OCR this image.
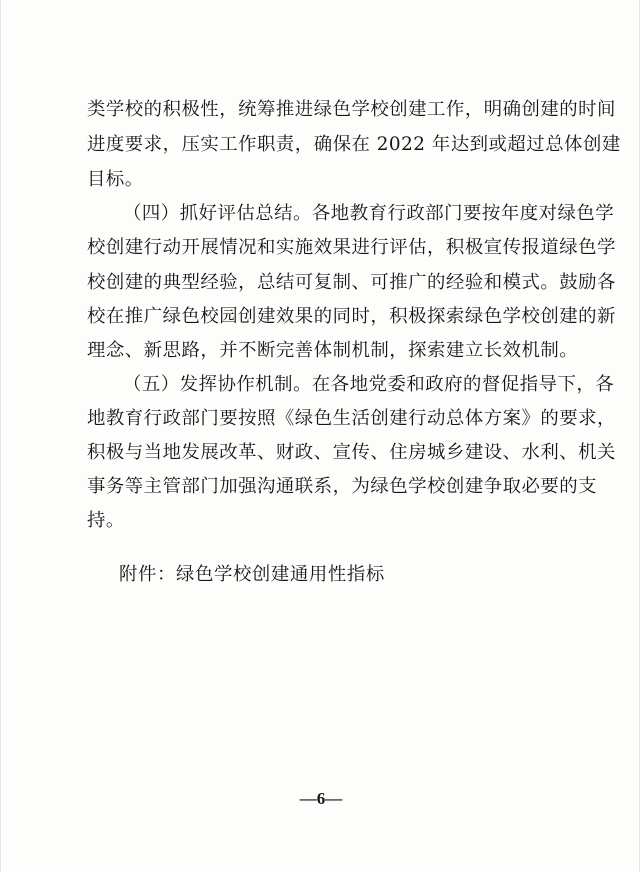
类学校的积极性，统筹推进绿色学校创建工作，明确创建的时间
进度要求，压实工作职责，确保在 2022 年达到或超过总体创建
目标。
（四）抓好评估总结。各地教育行政部门要按年度对绿色学
校创建行动开展情况和实施效果进行评估，积极宣传报道绿色学
校创建的典型经验，总结可复制、可推广的经验和模式。鼓励各
校在推广绿色校园创建效果的同时，积极探索绿色学校创建的新
理念、新思路，并不断完善体制机制，探索建立长效机制。
（五）发挥协作机制。在各地党委和政府的督促指导下，各
地教育行政部门要按照《绿色生活创建行动总体方案》的要求，
积极与当地发展改革、财政、宣传、住房城乡建设、水利、机关
事务等主管部门加强沟通联系，为绿色学校创建争取必要的支
持。
附件：绿色学校创建通用性指标
—6—
